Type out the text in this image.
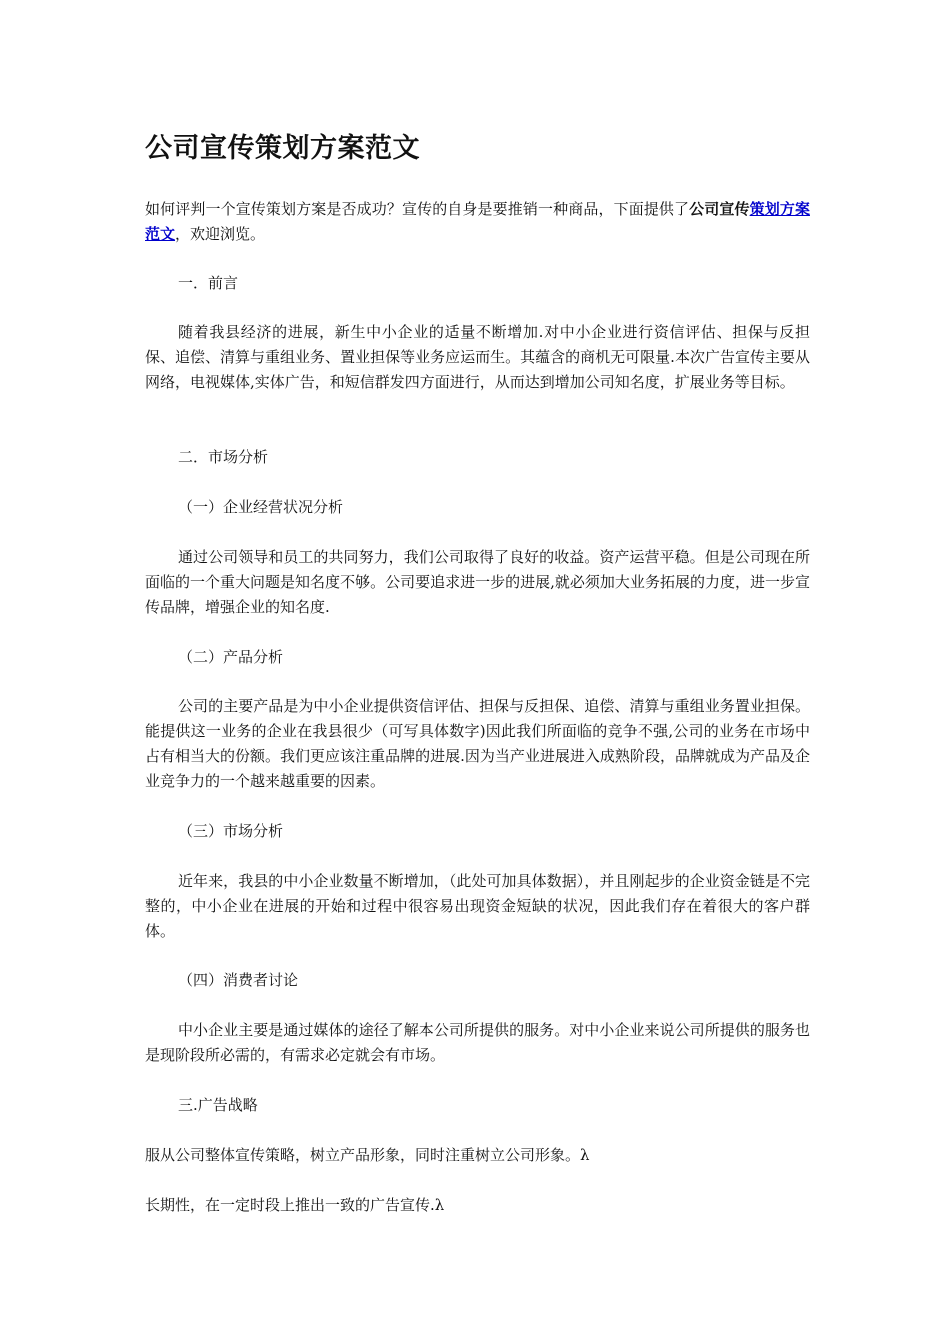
公司宣传策划方案范文

如何评判一个宣传策划方案是否成功？宣传的自身是要推销一种商品，下面提供了公司宣传策划方案范文，欢迎浏览。

一．前言

随着我县经济的进展，新生中小企业的适量不断增加.对中小企业进行资信评估、担保与反担保、追偿、清算与重组业务、置业担保等业务应运而生。其蕴含的商机无可限量.本次广告宣传主要从网络，电视媒体,实体广告，和短信群发四方面进行，从而达到增加公司知名度，扩展业务等目标。

二．市场分析

（一）企业经营状况分析

通过公司领导和员工的共同努力，我们公司取得了良好的收益。资产运营平稳。但是公司现在所面临的一个重大问题是知名度不够。公司要追求进一步的进展,就必须加大业务拓展的力度，进一步宣传品牌，增强企业的知名度.

（二）产品分析

公司的主要产品是为中小企业提供资信评估、担保与反担保、追偿、清算与重组业务置业担保。能提供这一业务的企业在我县很少（可写具体数字)因此我们所面临的竞争不强,公司的业务在市场中占有相当大的份额。我们更应该注重品牌的进展.因为当产业进展进入成熟阶段，品牌就成为产品及企业竞争力的一个越来越重要的因素。

（三）市场分析

近年来，我县的中小企业数量不断增加，（此处可加具体数据），并且刚起步的企业资金链是不完整的，中小企业在进展的开始和过程中很容易出现资金短缺的状况，因此我们存在着很大的客户群体。

（四）消费者讨论

中小企业主要是通过媒体的途径了解本公司所提供的服务。对中小企业来说公司所提供的服务也是现阶段所必需的，有需求必定就会有市场。

三.广告战略

服从公司整体宣传策略，树立产品形象，同时注重树立公司形象。λ

长期性，在一定时段上推出一致的广告宣传.λ
